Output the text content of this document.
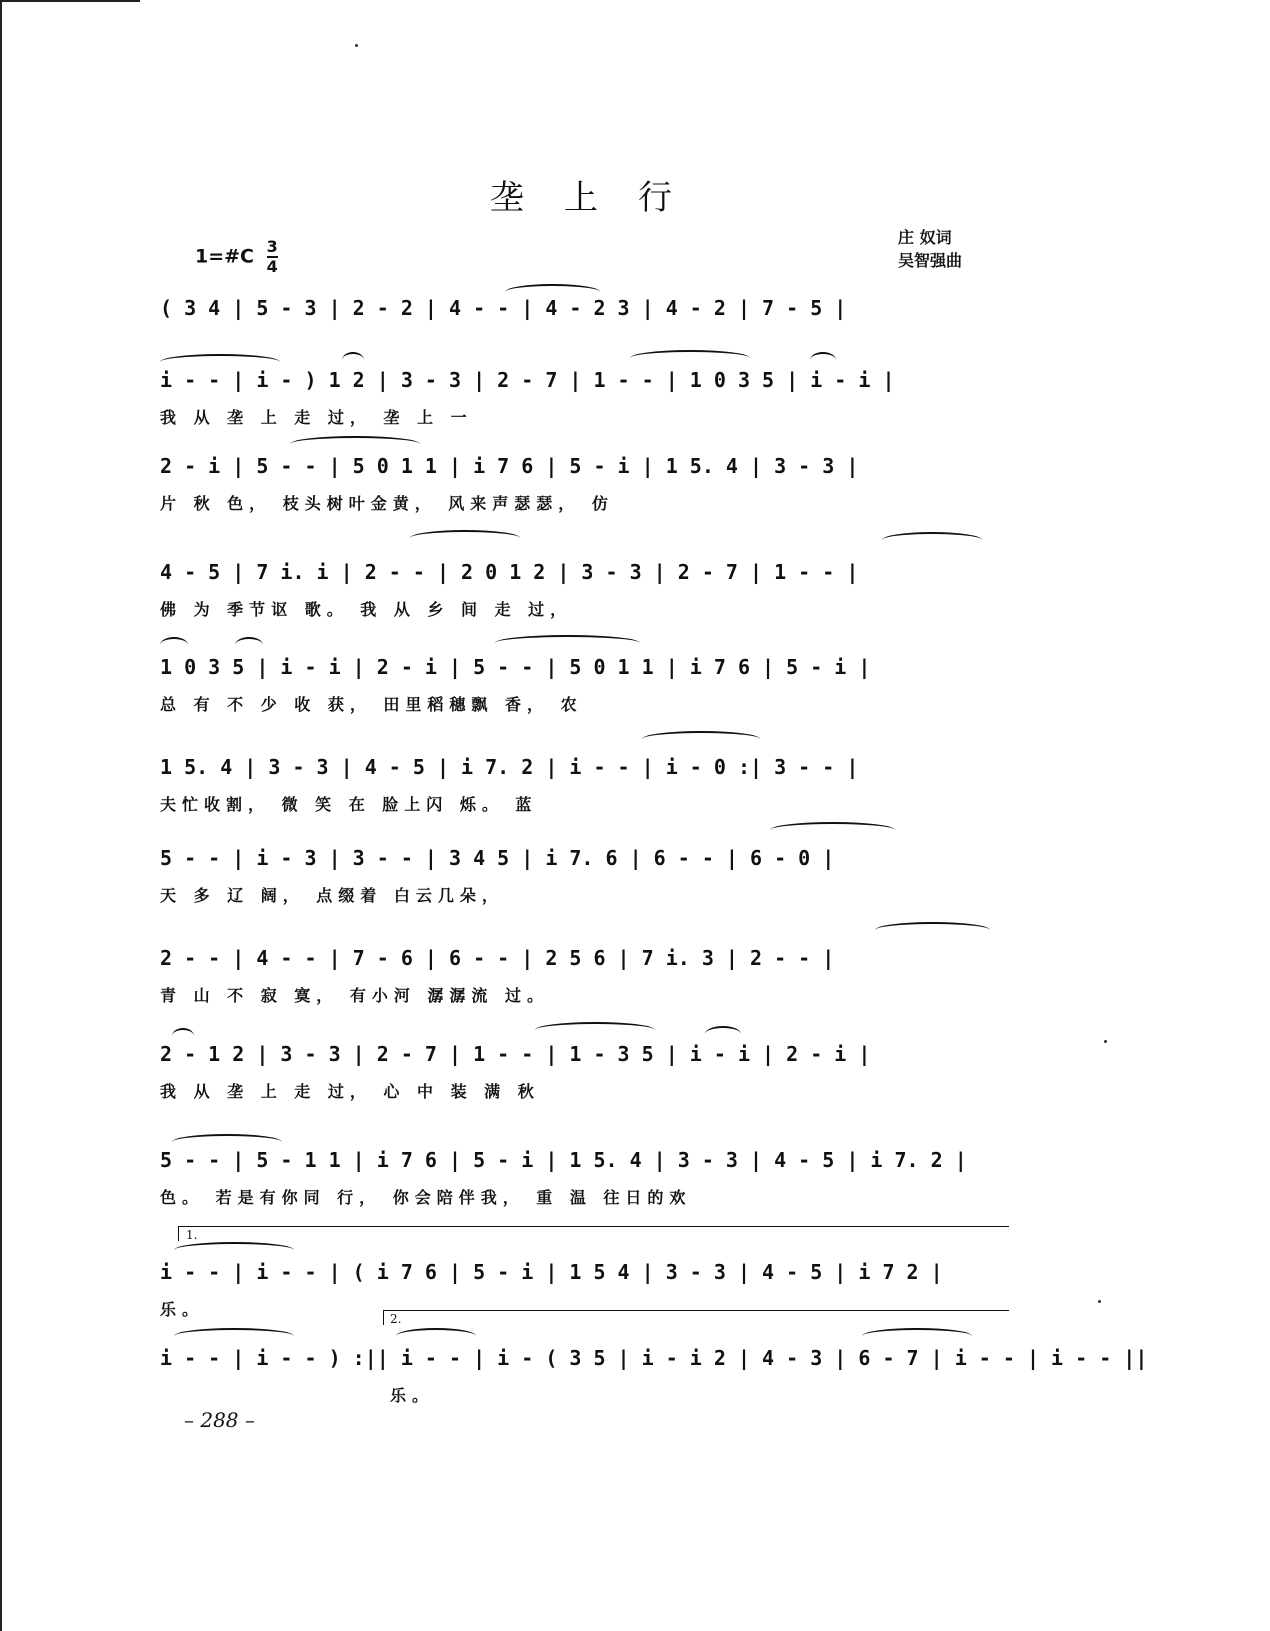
垄上行
1=#C $\frac{3}{4}$
庄 奴词
吴智强曲
( 3 4 | 5 - 3 | 2 - 2 | 4 - - | 4 - 2 3 | 4 - 2 | 7 - 5 |
i - - | i - ) 1 2 | 3 - 3 | 2 - 7 | 1 - - | 1 0 3 5 | i - i |
我 从 垄 上 走 过， 垄 上 一
2 - i | 5 - - | 5 0 1 1 | i 7 6 | 5 - i | 1 5. 4 | 3 - 3 |
片 秋 色， 枝头树叶金黄， 风来声瑟瑟， 仿
4 - 5 | 7 i. i | 2 - - | 2 0 1 2 | 3 - 3 | 2 - 7 | 1 - - |
佛 为 季节讴 歌。 我 从 乡 间 走 过，
1 0 3 5 | i - i | 2 - i | 5 - - | 5 0 1 1 | i 7 6 | 5 - i |
总 有 不 少 收 获， 田里稻穗飘 香， 农
1 5. 4 | 3 - 3 | 4 - 5 | i 7. 2 | i - - | i - 0 :| 3 - - |
夫忙收割， 微 笑 在 脸上闪 烁。 蓝
5 - - | i - 3 | 3 - - | 3 4 5 | i 7. 6 | 6 - - | 6 - 0 |
天 多 辽 阔， 点缀着 白云几朵，
2 - - | 4 - - | 7 - 6 | 6 - - | 2 5 6 | 7 i. 3 | 2 - - |
青 山 不 寂 寞， 有小河 潺潺流 过。
2 - 1 2 | 3 - 3 | 2 - 7 | 1 - - | 1 - 3 5 | i - i | 2 - i |
我 从 垄 上 走 过， 心 中 装 满 秋
5 - - | 5 - 1 1 | i 7 6 | 5 - i | 1 5. 4 | 3 - 3 | 4 - 5 | i 7. 2 |
色。 若是有你同 行， 你会陪伴我， 重 温 往日的欢
1.
i - - | i - - | ( i 7 6 | 5 - i | 1 5 4 | 3 - 3 | 4 - 5 | i 7 2 |
乐。	2.
i - - | i - - ) :|| i - - | i - ( 3 5 | i - i 2 | 4 - 3 | 6 - 7 | i - - | i - - ||
乐。
– 288 –
